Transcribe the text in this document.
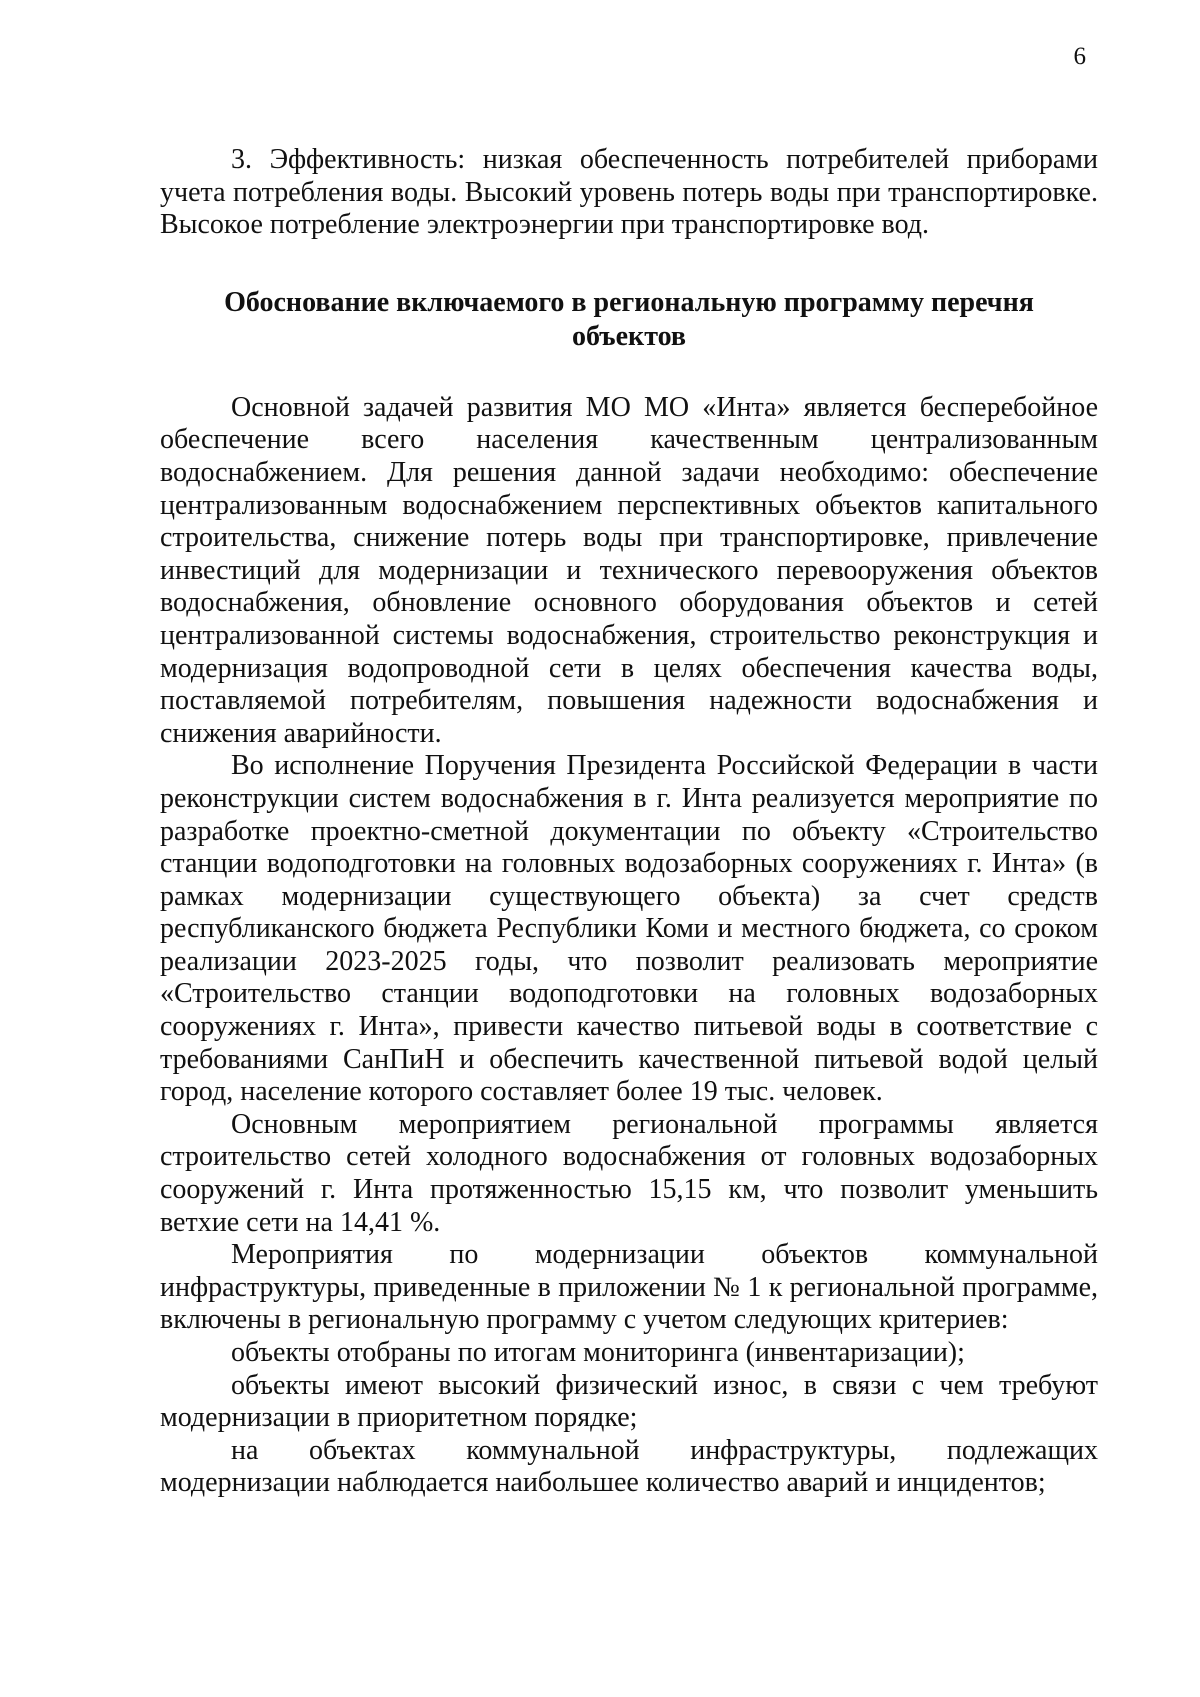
6

3. Эффективность: низкая обеспеченность потребителей приборами учета потребления воды. Высокий уровень потерь воды при транспортировке. Высокое потребление электроэнергии при транспортировке вод.

Обоснование включаемого в региональную программу перечня объектов

Основной задачей развития МО МО «Инта» является бесперебойное обеспечение всего населения качественным централизованным водоснабжением. Для решения данной задачи необходимо: обеспечение централизованным водоснабжением перспективных объектов капитального строительства, снижение потерь воды при транспортировке, привлечение инвестиций для модернизации и технического перевооружения объектов водоснабжения, обновление основного оборудования объектов и сетей централизованной системы водоснабжения, строительство реконструкция и модернизация водопроводной сети в целях обеспечения качества воды, поставляемой потребителям, повышения надежности водоснабжения и снижения аварийности.

Во исполнение Поручения Президента Российской Федерации в части реконструкции систем водоснабжения в г. Инта реализуется мероприятие по разработке проектно-сметной документации по объекту «Строительство станции водоподготовки на головных водозаборных сооружениях г. Инта» (в рамках модернизации существующего объекта) за счет средств республиканского бюджета Республики Коми и местного бюджета, со сроком реализации 2023-2025 годы, что позволит реализовать мероприятие «Строительство станции водоподготовки на головных водозаборных сооружениях г. Инта», привести качество питьевой воды в соответствие с требованиями СанПиН и обеспечить качественной питьевой водой целый город, население которого составляет более 19 тыс. человек.

Основным мероприятием региональной программы является строительство сетей холодного водоснабжения от головных водозаборных сооружений г. Инта протяженностью 15,15 км, что позволит уменьшить ветхие сети на 14,41 %.

Мероприятия по модернизации объектов коммунальной инфраструктуры, приведенные в приложении № 1 к региональной программе, включены в региональную программу с учетом следующих критериев:

объекты отобраны по итогам мониторинга (инвентаризации);

объекты имеют высокий физический износ, в связи с чем требуют модернизации в приоритетном порядке;

на объектах коммунальной инфраструктуры, подлежащих модернизации наблюдается наибольшее количество аварий и инцидентов;
